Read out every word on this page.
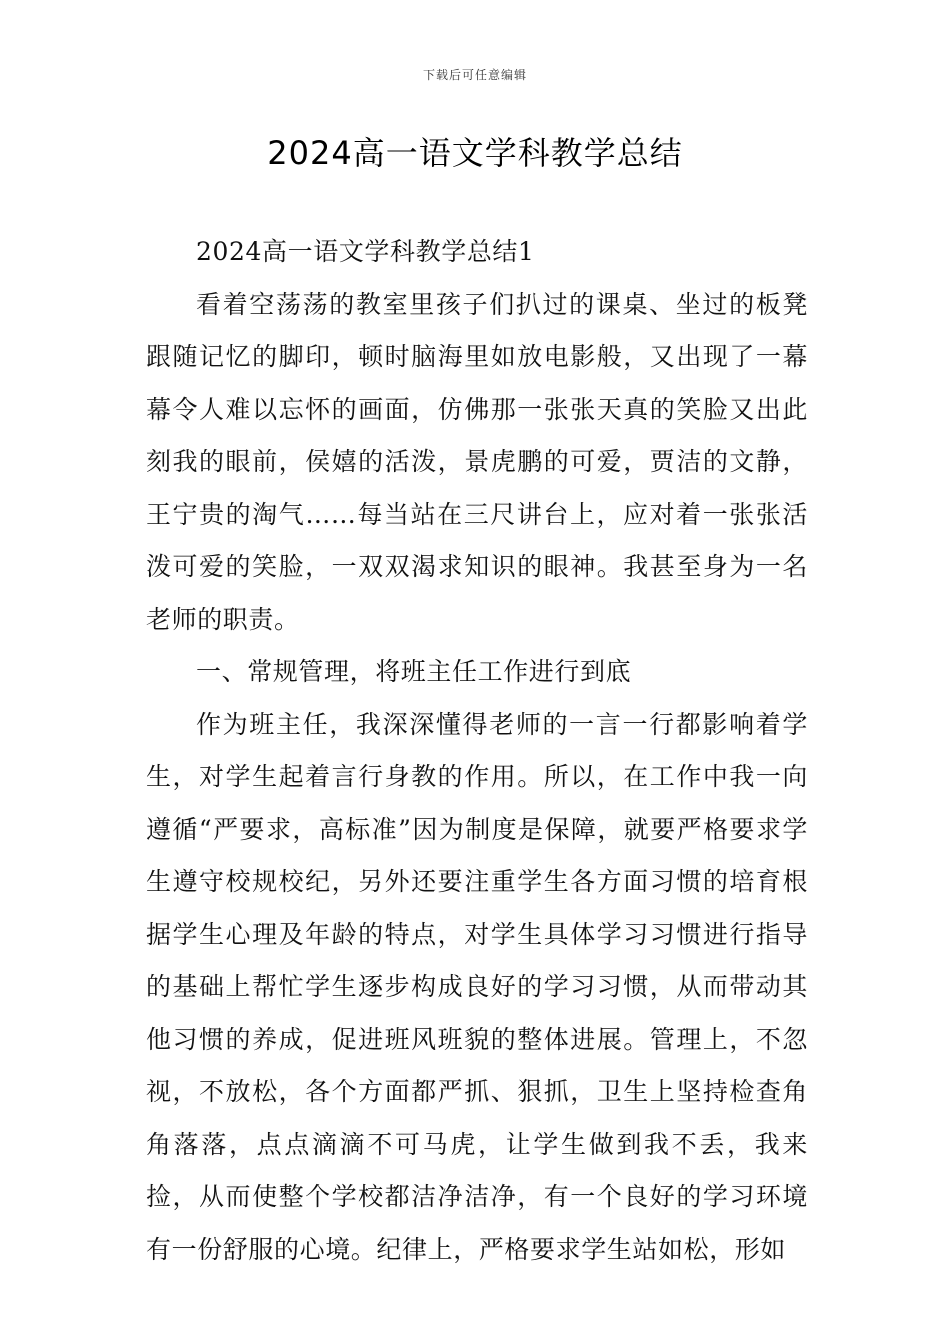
下载后可任意编辑
2024高一语文学科教学总结

2024高一语文学科教学总结1

看着空荡荡的教室里孩子们扒过的课桌、坐过的板凳跟随记忆的脚印，顿时脑海里如放电影般，又出现了一幕幕令人难以忘怀的画面，仿佛那一张张天真的笑脸又出此刻我的眼前，侯嬉的活泼，景虎鹏的可爱，贾洁的文静，王宁贵的淘气……每当站在三尺讲台上，应对着一张张活泼可爱的笑脸，一双双渴求知识的眼神。我甚至身为一名老师的职责。

一、常规管理，将班主任工作进行到底

作为班主任，我深深懂得老师的一言一行都影响着学生，对学生起着言行身教的作用。所以，在工作中我一向遵循“严要求，高标准”因为制度是保障，就要严格要求学生遵守校规校纪，另外还要注重学生各方面习惯的培育根据学生心理及年龄的特点，对学生具体学习习惯进行指导的基础上帮忙学生逐步构成良好的学习习惯，从而带动其他习惯的养成，促进班风班貌的整体进展。管理上，不忽视，不放松，各个方面都严抓、狠抓，卫生上坚持检查角角落落，点点滴滴不可马虎，让学生做到我不丢，我来捡，从而使整个学校都洁净洁净，有一个良好的学习环境有一份舒服的心境。纪律上，严格要求学生站如松，形如
